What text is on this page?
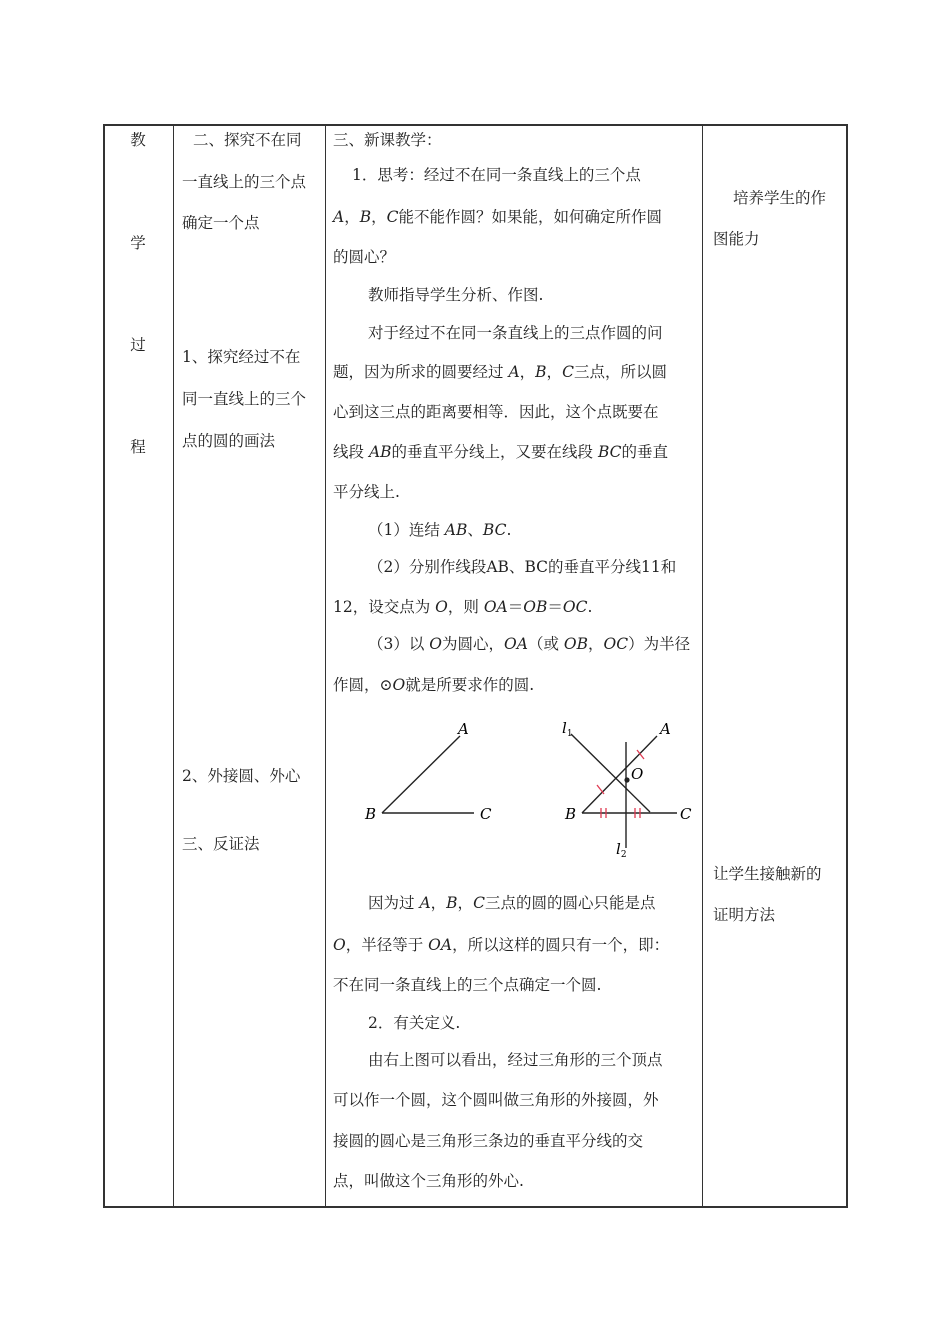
教
学
过
程
二、探究不在同
一直线上的三个点
确定一个点
1、探究经过不在
同一直线上的三个
点的圆的画法
2、外接圆、外心
三、反证法
三、新课教学：
1．思考：经过不在同一条直线上的三个点
A，B，C能不能作圆？如果能，如何确定所作圆
的圆心？
教师指导学生分析、作图.
对于经过不在同一条直线上的三点作圆的问
题，因为所求的圆要经过 A，B，C三点，所以圆
心到这三点的距离要相等．因此，这个点既要在
线段 AB的垂直平分线上，又要在线段 BC的垂直
平分线上.
（1）连结 AB、BC.
（2）分别作线段AB、BC的垂直平分线11和
12，设交点为 O，则 OA＝OB＝OC.
（3）以 O为圆心，OA（或 OB，OC）为半径
作圆，⊙O就是所要求作的圆.
A
B	C
A
B	C
O
$l_1$
$l_2$
因为过 A，B，C三点的圆的圆心只能是点
O，半径等于 OA，所以这样的圆只有一个，即：
不在同一条直线上的三个点确定一个圆.
2．有关定义.
由右上图可以看出，经过三角形的三个顶点
可以作一个圆，这个圆叫做三角形的外接圆，外
接圆的圆心是三角形三条边的垂直平分线的交
点，叫做这个三角形的外心.
培养学生的作
图能力
让学生接触新的
证明方法
